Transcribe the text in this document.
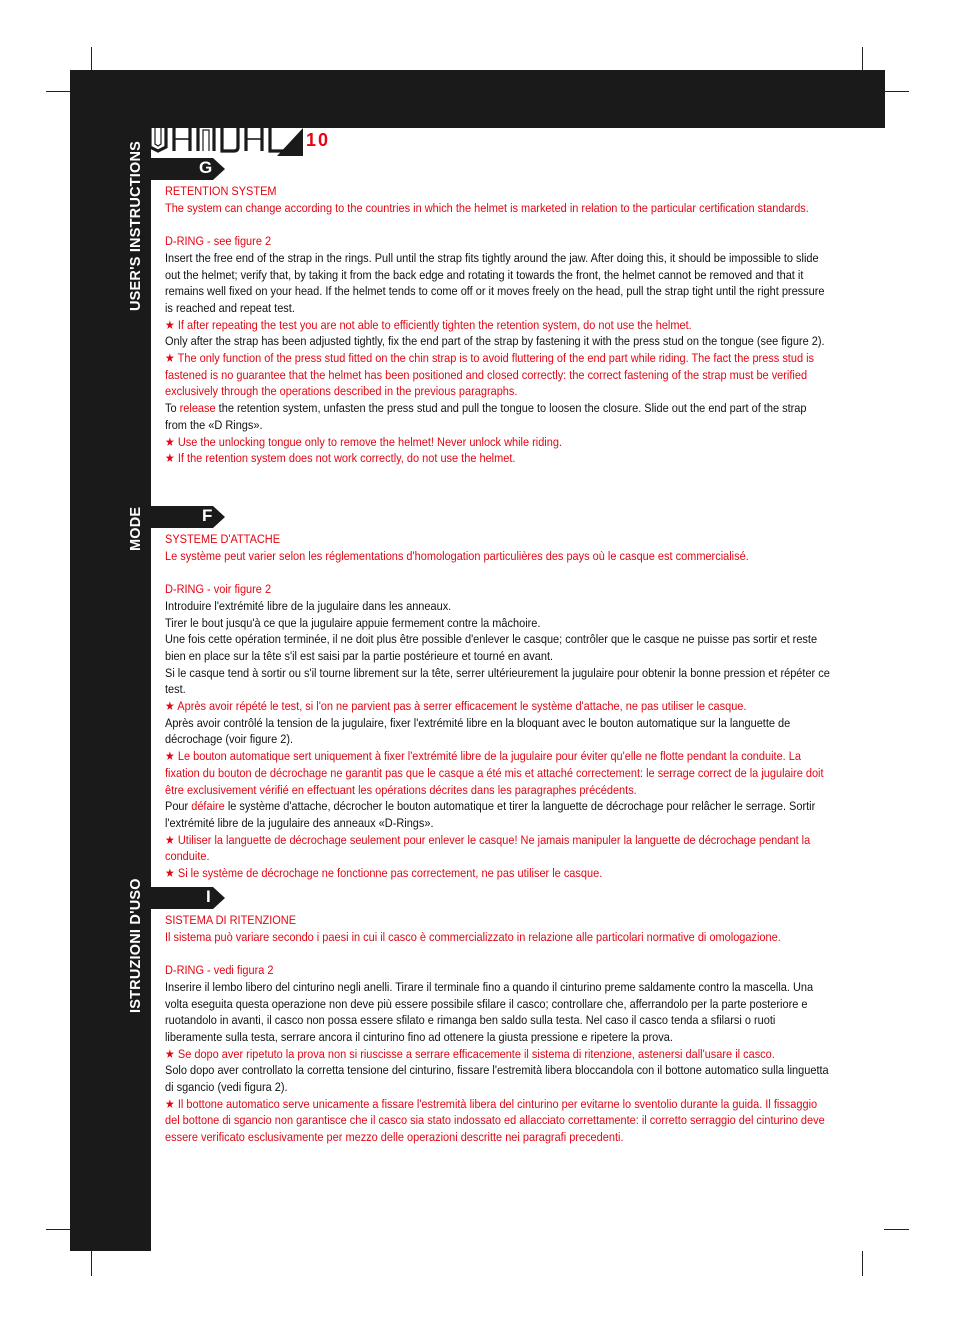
VANDAL
10
USER'S INSTRUCTIONS
MODE
ISTRUZIONI D'USO
G
F
I

RETENTION SYSTEM

The system can change according to the countries in which the helmet is marketed in relation to the particular certification standards.

D-RING - see figure 2

Insert the free end of the strap in the rings. Pull until the strap fits tightly around the jaw. After doing this, it should be impossible to slide out the helmet; verify that, by taking it from the back edge and rotating it towards the front, the helmet cannot be removed and that it remains well fixed on your head. If the helmet tends to come off or it moves freely on the head, pull the strap tight until the right pressure is reached and repeat test.

★ If after repeating the test you are not able to efficiently tighten the retention system, do not use the helmet.

Only after the strap has been adjusted tightly, fix the end part of the strap by fastening it with the press stud on the tongue (see figure 2).

★ The only function of the press stud fitted on the chin strap is to avoid fluttering of the end part while riding. The fact the press stud is fastened is no guarantee that the helmet has been positioned and closed correctly: the correct fastening of the strap must be verified exclusively through the operations described in the previous paragraphs.

To release the retention system, unfasten the press stud and pull the tongue to loosen the closure. Slide out the end part of the strap from the «D Rings».

★ Use the unlocking tongue only to remove the helmet! Never unlock while riding.

★ If the retention system does not work correctly, do not use the helmet.

SYSTEME D'ATTACHE

Le système peut varier selon les réglementations d'homologation particulières des pays où le casque est commercialisé.

D-RING - voir figure 2

Introduire l'extrémité libre de la jugulaire dans les anneaux.

Tirer le bout jusqu'à ce que la jugulaire appuie fermement contre la mâchoire.

Une fois cette opération terminée, il ne doit plus être possible d'enlever le casque; contrôler que le casque ne puisse pas sortir et reste bien en place sur la tête s'il est saisi par la partie postérieure et tourné en avant.

Si le casque tend à sortir ou s'il tourne librement sur la tête, serrer ultérieurement la jugulaire pour obtenir la bonne pression et répéter ce test.

★ Après avoir répété le test, si l'on ne parvient pas à serrer efficacement le système d'attache, ne pas utiliser le casque.

Après avoir contrôlé la tension de la jugulaire, fixer l'extrémité libre en la bloquant avec le bouton automatique sur la languette de décrochage (voir figure 2).

★ Le bouton automatique sert uniquement à fixer l'extrémité libre de la jugulaire pour éviter qu'elle ne flotte pendant la conduite. La fixation du bouton de décrochage ne garantit pas que le casque a été mis et attaché correctement: le serrage correct de la jugulaire doit être exclusivement vérifié en effectuant les opérations décrites dans les paragraphes précédents.

Pour défaire le système d'attache, décrocher le bouton automatique et tirer la languette de décrochage pour relâcher le serrage. Sortir l'extrémité libre de la jugulaire des anneaux «D-Rings».

★ Utiliser la languette de décrochage seulement pour enlever le casque! Ne jamais manipuler la languette de décrochage pendant la conduite.

★ Si le système de décrochage ne fonctionne pas correctement, ne pas utiliser le casque.

SISTEMA DI RITENZIONE

Il sistema può variare secondo i paesi in cui il casco è commercializzato in relazione alle particolari normative di omologazione.

D-RING - vedi figura 2

Inserire il lembo libero del cinturino negli anelli. Tirare il terminale fino a quando il cinturino preme saldamente contro la mascella. Una volta eseguita questa operazione non deve più essere possibile sfilare il casco; controllare che, afferrandolo per la parte posteriore e ruotandolo in avanti, il casco non possa essere sfilato e rimanga ben saldo sulla testa. Nel caso il casco tenda a sfilarsi o ruoti liberamente sulla testa, serrare ancora il cinturino fino ad ottenere la giusta pressione e ripetere la prova.

★ Se dopo aver ripetuto la prova non si riuscisse a serrare efficacemente il sistema di ritenzione, astenersi dall'usare il casco.

Solo dopo aver controllato la corretta tensione del cinturino, fissare l'estremità libera bloccandola con il bottone automatico sulla linguetta di sgancio (vedi figura 2).

★ Il bottone automatico serve unicamente a fissare l'estremità libera del cinturino per evitarne lo sventolio durante la guida. Il fissaggio del bottone di sgancio non garantisce che il casco sia stato indossato ed allacciato correttamente: il corretto serraggio del cinturino deve essere verificato esclusivamente per mezzo delle operazioni descritte nei paragrafi precedenti.
